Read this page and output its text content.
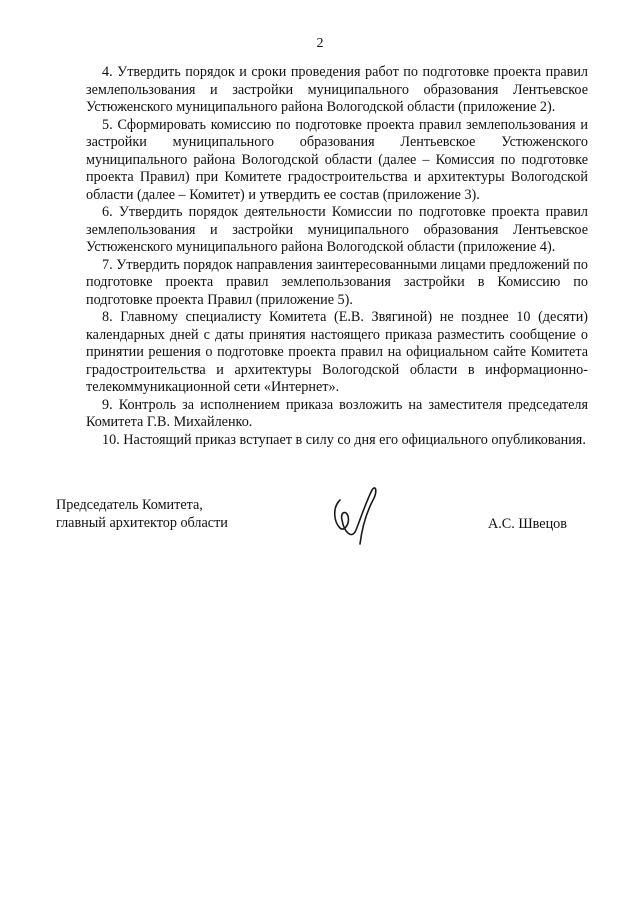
2

4. Утвердить порядок и сроки проведения работ по подготовке проекта правил землепользования и застройки муниципального образования Лентьевское Устюженского муниципального района Вологодской области (приложение 2).

5. Сформировать комиссию по подготовке проекта правил землепользования и застройки муниципального образования Лентьевское Устюженского муниципального района Вологодской области (далее – Комиссия по подготовке проекта Правил) при Комитете градостроительства и архитектуры Вологодской области (далее – Комитет) и утвердить ее состав (приложение 3).

6. Утвердить порядок деятельности Комиссии по подготовке проекта правил землепользования и застройки муниципального образования Лентьевское Устюженского муниципального района Вологодской области (приложение 4).

7. Утвердить порядок направления заинтересованными лицами предложений по подготовке проекта правил землепользования застройки в Комиссию по подготовке проекта Правил (приложение 5).

8. Главному специалисту Комитета (Е.В. Звягиной) не позднее 10 (десяти) календарных дней с даты принятия настоящего приказа разместить сообщение о принятии решения о подготовке проекта правил на официальном сайте Комитета градостроительства и архитектуры Вологодской области в информационно-телекоммуникационной сети «Интернет».

9. Контроль за исполнением приказа возложить на заместителя председателя Комитета Г.В. Михайленко.

10. Настоящий приказ вступает в силу со дня его официального опубликования.

Председатель Комитета,
главный архитектор области	А.С. Швецов
